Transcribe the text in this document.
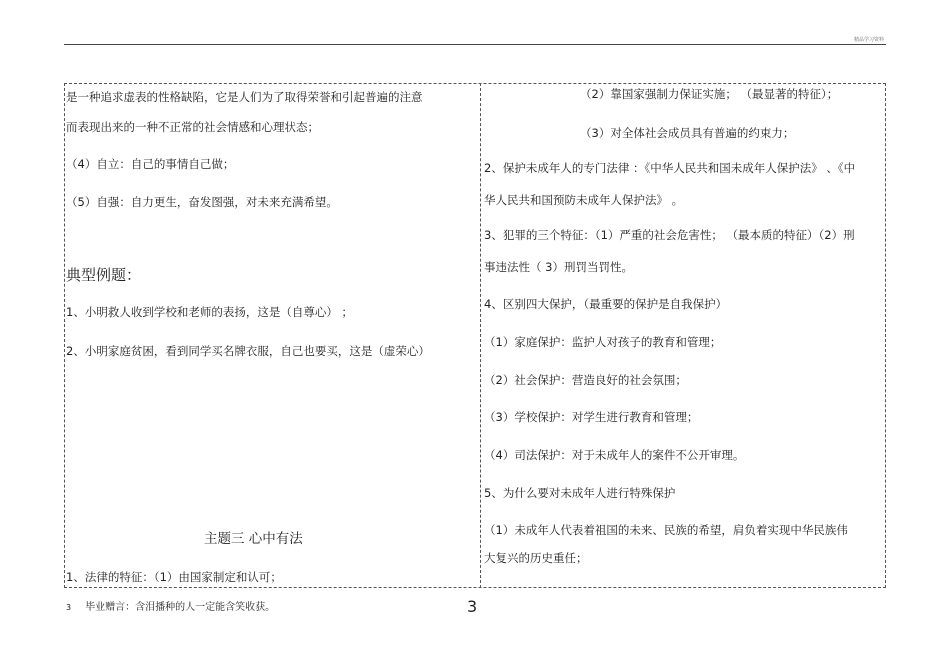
精品学习资料
是一种追求虚表的性格缺陷，它是人们为了取得荣誉和引起普遍的注意
而表现出来的一种不正常的社会情感和心理状态；
（4）自立：自己的事情自己做；
（5）自强：自力更生，奋发图强，对未来充满希望。
典型例题：
1、小明救人收到学校和老师的表扬，这是（自尊心） ；
2、小明家庭贫困，看到同学买名牌衣服，自己也要买，这是（虚荣心）
主题三 心中有法
1、法律的特征：（1）由国家制定和认可；
（2）靠国家强制力保证实施； （最显著的特征）；
（3）对全体社会成员具有普遍的约束力；
2、保护未成年人的专门法律 ：《中华人民共和国未成年人保护法》 、《中
华人民共和国预防未成年人保护法》 。
3、犯罪的三个特征：（1）严重的社会危害性； （最本质的特征）（2）刑
事违法性（ 3）刑罚当罚性。
4、区别四大保护，（最重要的保护是自我保护）
（1）家庭保护：监护人对孩子的教育和管理；
（2）社会保护：营造良好的社会氛围；
（3）学校保护：对学生进行教育和管理；
（4）司法保护：对于未成年人的案件不公开审理。
5、为什么要对未成年人进行特殊保护
（1）未成年人代表着祖国的未来、民族的希望，肩负着实现中华民族伟
大复兴的历史重任；
3 毕业赠言：含泪播种的人一定能含笑收获。	3
